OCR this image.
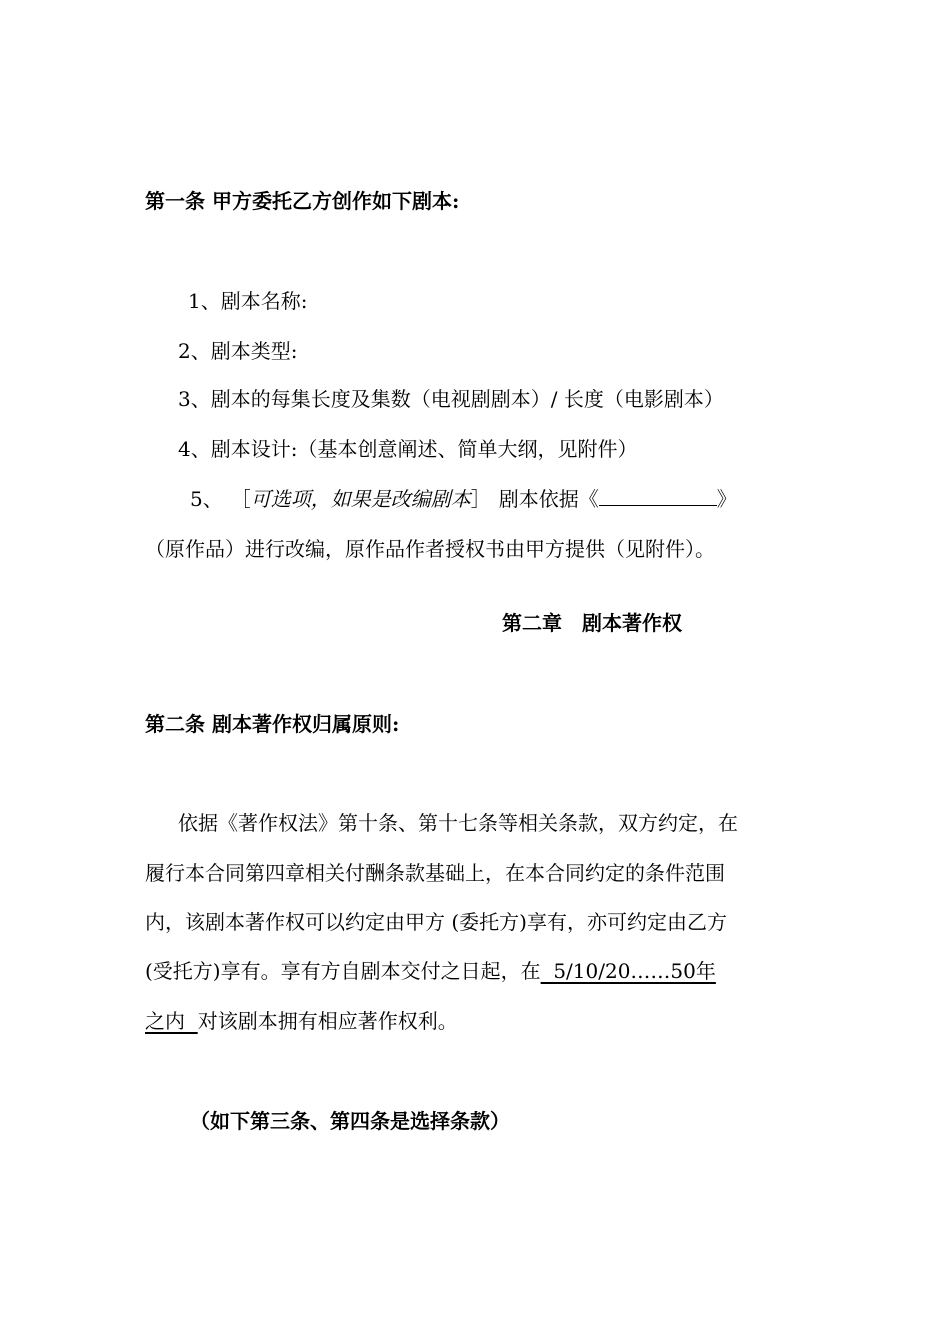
第一条 甲方委托乙方创作如下剧本:
1、剧本名称:
2、剧本类型:
3、剧本的每集长度及集数（电视剧剧本）/ 长度（电影剧本）
4、剧本设计:（基本创意阐述、简单大纲，见附件）
5、 ［可选项，如果是改编剧本］ 剧本依据《	》
（原作品）进行改编，原作品作者授权书由甲方提供（见附件）。
第二章　剧本著作权
第二条 剧本著作权归属原则:
依据《著作权法》第十条、第十七条等相关条款，双方约定，在
履行本合同第四章相关付酬条款基础上，在本合同约定的条件范围
内，该剧本著作权可以约定由甲方 (委托方)享有，亦可约定由乙方
(受托方)享有。享有方自剧本交付之日起，在  5/10/20……50年
之内  对该剧本拥有相应著作权利。
（如下第三条、第四条是选择条款）
